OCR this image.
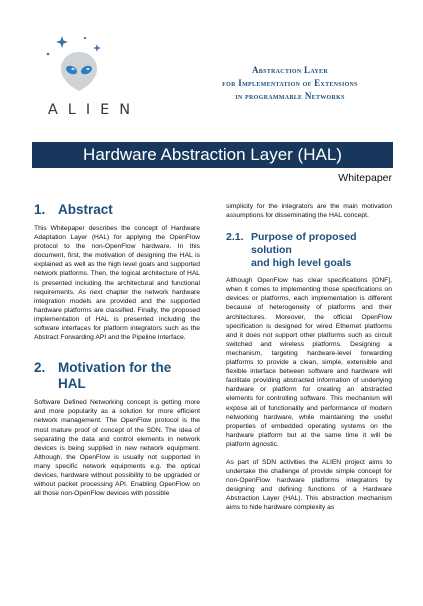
ALIEN
Abstraction Layer
for Implementation of Extensions
in programmable Networks
Hardware Abstraction Layer (HAL)
Whitepaper
1. Abstract

This Whitepaper describes the concept of Hardware Adaptation Layer (HAL) for applying the OpenFlow protocol to the non-OpenFlow hardware. In this document, first, the motivation of designing the HAL is explained as well as the high level goals and supported network platforms. Then, the logical architecture of HAL is presented including the architectural and functional requirements. As next chapter the network hardware integration models are provided and the supported hardware platforms are classified. Finally, the proposed implementation of HAL is presented including the software interfaces for platform integrators such as the Abstract Forwarding API and the Pipeline Interface.

2. Motivation for the
HAL

Software Defined Networking concept is getting more and more popularity as a solution for more efficient network management. The OpenFlow protocol is the most mature proof of concept of the SDN. The idea of separating the data and control elements in network devices is being supplied in new network equipment. Although, the OpenFlow is usually not supported in many specific network equipments e.g. the optical devices, hardware without possibility to be upgraded or without packet processing API. Enabling OpenFlow on all those non-OpenFlow devices with possible

simplicity for the integrators are the main motivation assumptions for disseminating the HAL concept.

2.1. Purpose of proposed solution
and high level goals

Although OpenFlow has clear specifications [ONF], when it comes to implementing those specifications on devices or platforms, each implementation is different because of heterogeneity of platforms and their architectures. Moreover, the official OpenFlow specification is designed for wired Ethernet platforms and it does not support other platforms such as circuit switched and wireless platforms. Designing a mechanism, targeting hardware-level forwarding platforms to provide a clean, simple, extensible and flexible interface between software and hardware will facilitate providing abstracted information of underlying hardware or platform for creating an abstracted elements for controlling software. This mechanism will expose all of functionality and performance of modern networking hardware, while maintaining the useful properties of embedded operating systems on the hardware platform but at the same time it will be platform agnostic.

As part of SDN activities the ALIEN project aims to undertake the challenge of provide simple concept for non-OpenFlow hardware platforms integrators by designing and defining functions of a Hardware Abstraction Layer (HAL). This abstraction mechanism aims to hide hardware complexity as
